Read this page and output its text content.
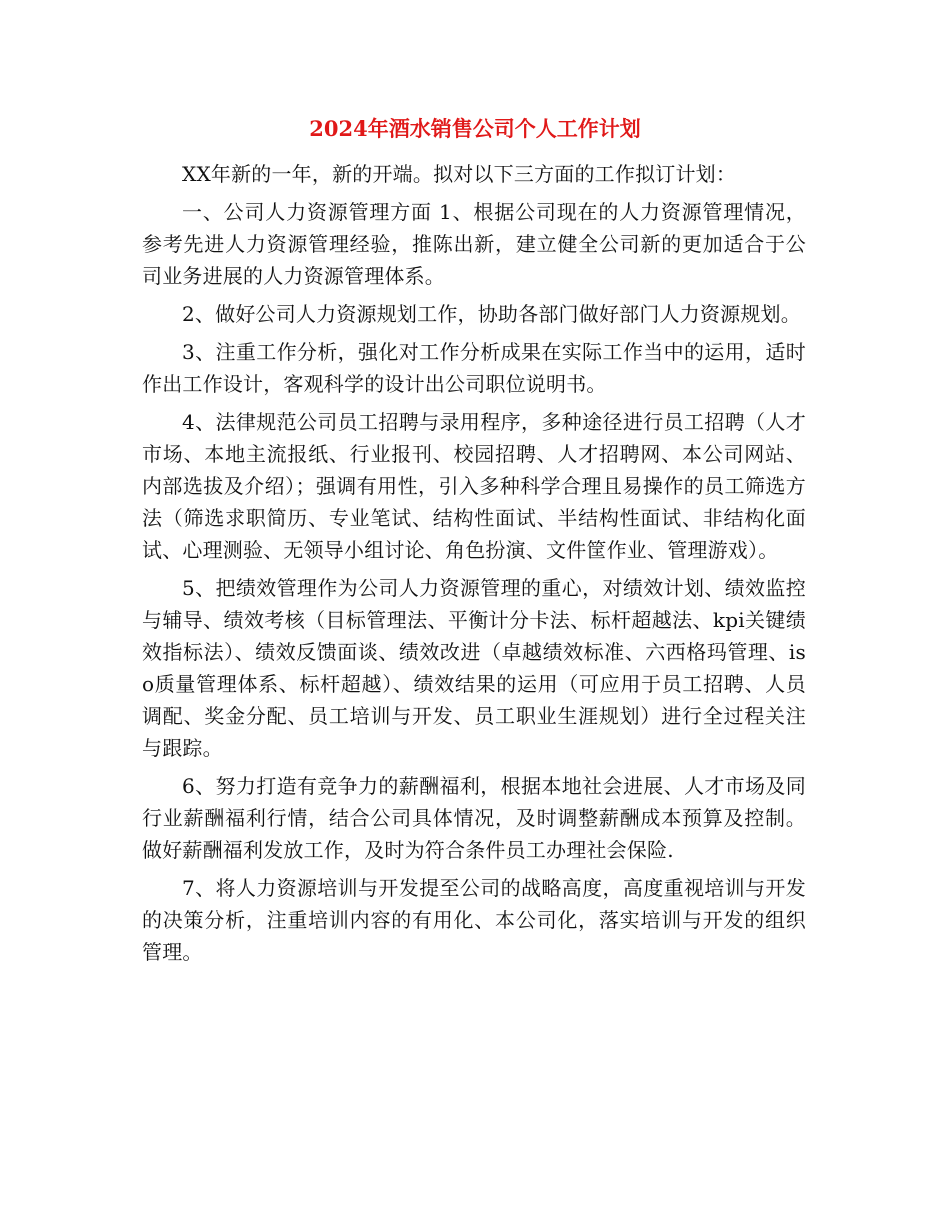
2024年酒水销售公司个人工作计划

XX年新的一年，新的开端。拟对以下三方面的工作拟订计划：

一、公司人力资源管理方面 1、根据公司现在的人力资源管理情况，参考先进人力资源管理经验，推陈出新，建立健全公司新的更加适合于公司业务进展的人力资源管理体系。

2、做好公司人力资源规划工作，协助各部门做好部门人力资源规划。

3、注重工作分析，强化对工作分析成果在实际工作当中的运用，适时作出工作设计，客观科学的设计出公司职位说明书。

4、法律规范公司员工招聘与录用程序，多种途径进行员工招聘（人才市场、本地主流报纸、行业报刊、校园招聘、人才招聘网、本公司网站、内部选拔及介绍）；强调有用性，引入多种科学合理且易操作的员工筛选方法（筛选求职简历、专业笔试、结构性面试、半结构性面试、非结构化面试、心理测验、无领导小组讨论、角色扮演、文件筐作业、管理游戏）。

5、把绩效管理作为公司人力资源管理的重心，对绩效计划、绩效监控与辅导、绩效考核（目标管理法、平衡计分卡法、标杆超越法、kpi关键绩效指标法）、绩效反馈面谈、绩效改进（卓越绩效标准、六西格玛管理、iso质量管理体系、标杆超越）、绩效结果的运用（可应用于员工招聘、人员调配、奖金分配、员工培训与开发、员工职业生涯规划）进行全过程关注与跟踪。

6、努力打造有竞争力的薪酬福利，根据本地社会进展、人才市场及同行业薪酬福利行情，结合公司具体情况，及时调整薪酬成本预算及控制。做好薪酬福利发放工作，及时为符合条件员工办理社会保险.

7、将人力资源培训与开发提至公司的战略高度，高度重视培训与开发的决策分析，注重培训内容的有用化、本公司化，落实培训与开发的组织管理。
